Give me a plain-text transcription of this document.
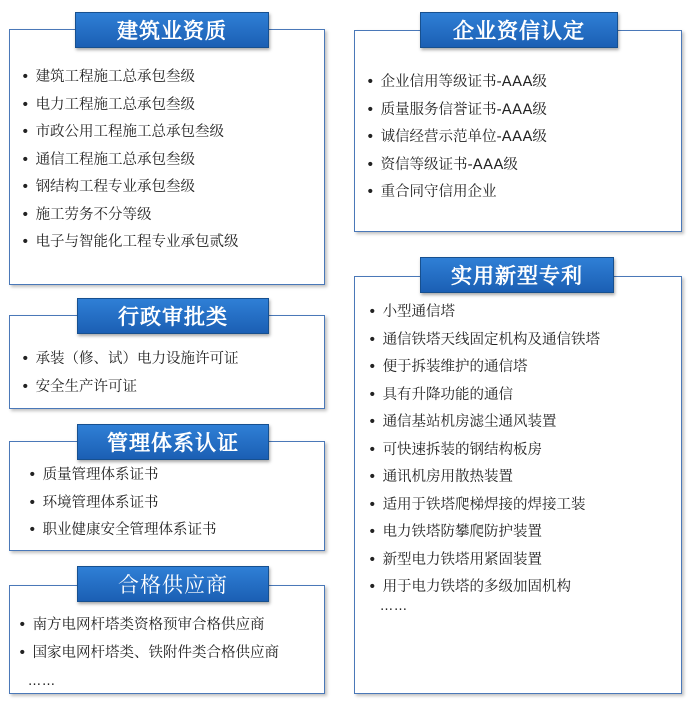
• 建筑工程施工总承包叁级
• 电力工程施工总承包叁级
• 市政公用工程施工总承包叁级
• 通信工程施工总承包叁级
• 钢结构工程专业承包叁级
• 施工劳务不分等级
• 电子与智能化工程专业承包贰级
建筑业资质
• 企业信用等级证书-AAA级
• 质量服务信誉证书-AAA级
• 诚信经营示范单位-AAA级
• 资信等级证书-AAA级
• 重合同守信用企业
企业资信认定
• 承装（修、试）电力设施许可证
• 安全生产许可证
行政审批类
• 质量管理体系证书
• 环境管理体系证书
• 职业健康安全管理体系证书
管理体系认证
• 南方电网杆塔类资格预审合格供应商
• 国家电网杆塔类、铁附件类合格供应商
……
合格供应商
• 小型通信塔
• 通信铁塔天线固定机构及通信铁塔
• 便于拆装维护的通信塔
• 具有升降功能的通信
• 通信基站机房滤尘通风装置
• 可快速拆装的钢结构板房
• 通讯机房用散热装置
• 适用于铁塔爬梯焊接的焊接工装
• 电力铁塔防攀爬防护装置
• 新型电力铁塔用紧固装置
• 用于电力铁塔的多级加固机构
……
实用新型专利
